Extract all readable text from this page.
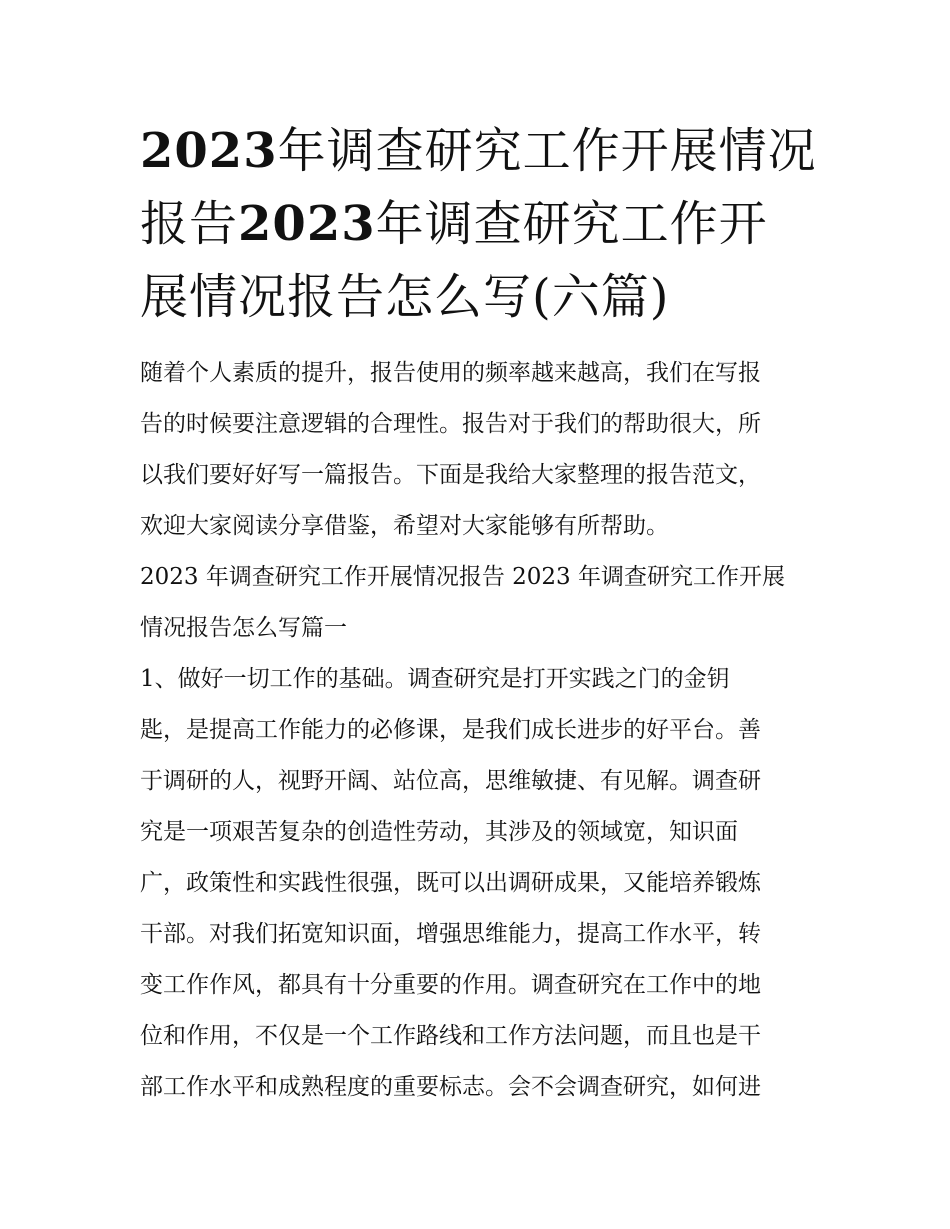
2023年调查研究工作开展情况
报告2023年调查研究工作开
展情况报告怎么写(六篇)
随着个人素质的提升，报告使用的频率越来越高，我们在写报
告的时候要注意逻辑的合理性。报告对于我们的帮助很大，所
以我们要好好写一篇报告。下面是我给大家整理的报告范文，
欢迎大家阅读分享借鉴，希望对大家能够有所帮助。
2023 年调查研究工作开展情况报告 2023 年调查研究工作开展
情况报告怎么写篇一
1、做好一切工作的基础。调查研究是打开实践之门的金钥
匙，是提高工作能力的必修课，是我们成长进步的好平台。善
于调研的人，视野开阔、站位高，思维敏捷、有见解。调查研
究是一项艰苦复杂的创造性劳动，其涉及的领域宽，知识面
广，政策性和实践性很强，既可以出调研成果，又能培养锻炼
干部。对我们拓宽知识面，增强思维能力，提高工作水平，转
变工作作风，都具有十分重要的作用。调查研究在工作中的地
位和作用，不仅是一个工作路线和工作方法问题，而且也是干
部工作水平和成熟程度的重要标志。会不会调查研究，如何进
